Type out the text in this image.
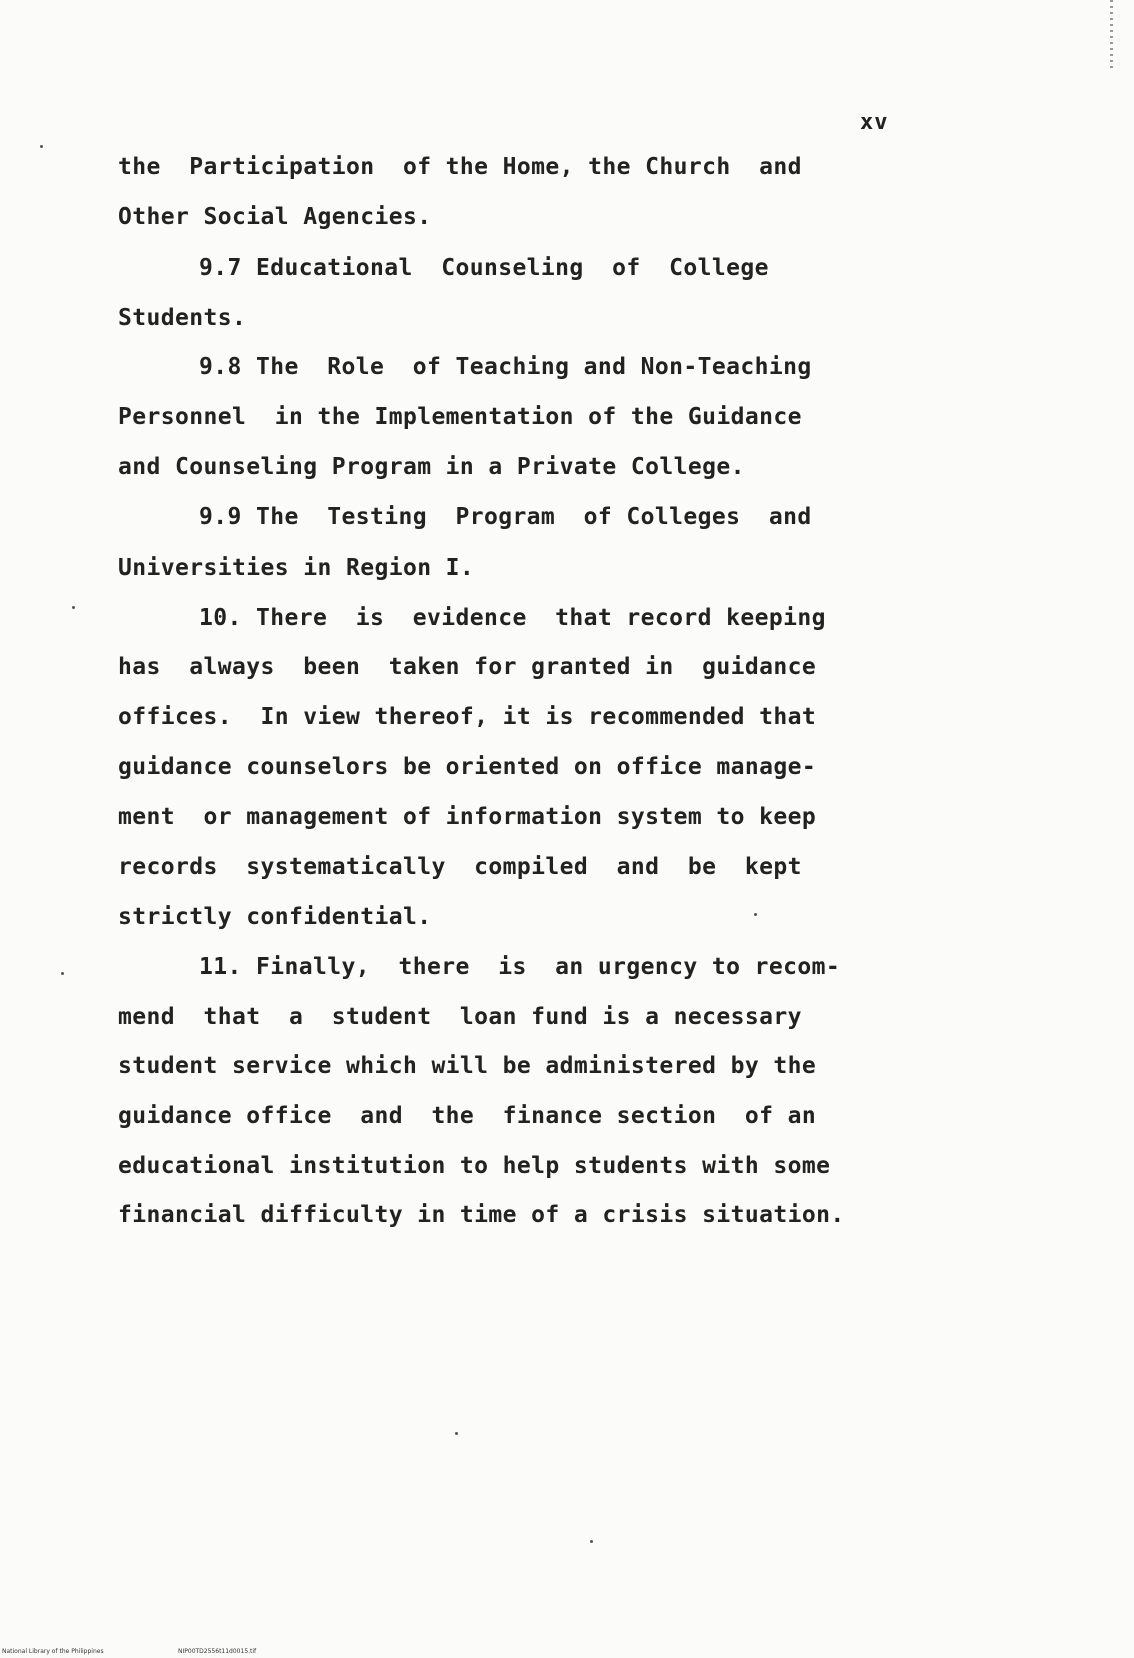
xv
the  Participation  of the Home, the Church  and
Other Social Agencies.
9.7 Educational  Counseling  of  College
Students.
9.8 The  Role  of Teaching and Non-Teaching
Personnel  in the Implementation of the Guidance
and Counseling Program in a Private College.
9.9 The  Testing  Program  of Colleges  and
Universities in Region I.
10. There  is  evidence  that record keeping
has  always  been  taken for granted in  guidance
offices.  In view thereof, it is recommended that
guidance counselors be oriented on office manage-
ment  or management of information system to keep
records  systematically  compiled  and  be  kept
strictly confidential.
11. Finally,  there  is  an urgency to recom-
mend  that  a  student  loan fund is a necessary
student service which will be administered by the
guidance office  and  the  finance section  of an
educational institution to help students with some
financial difficulty in time of a crisis situation.
National Library of the Philippines	NIP00TD2556t11d0015.tif
